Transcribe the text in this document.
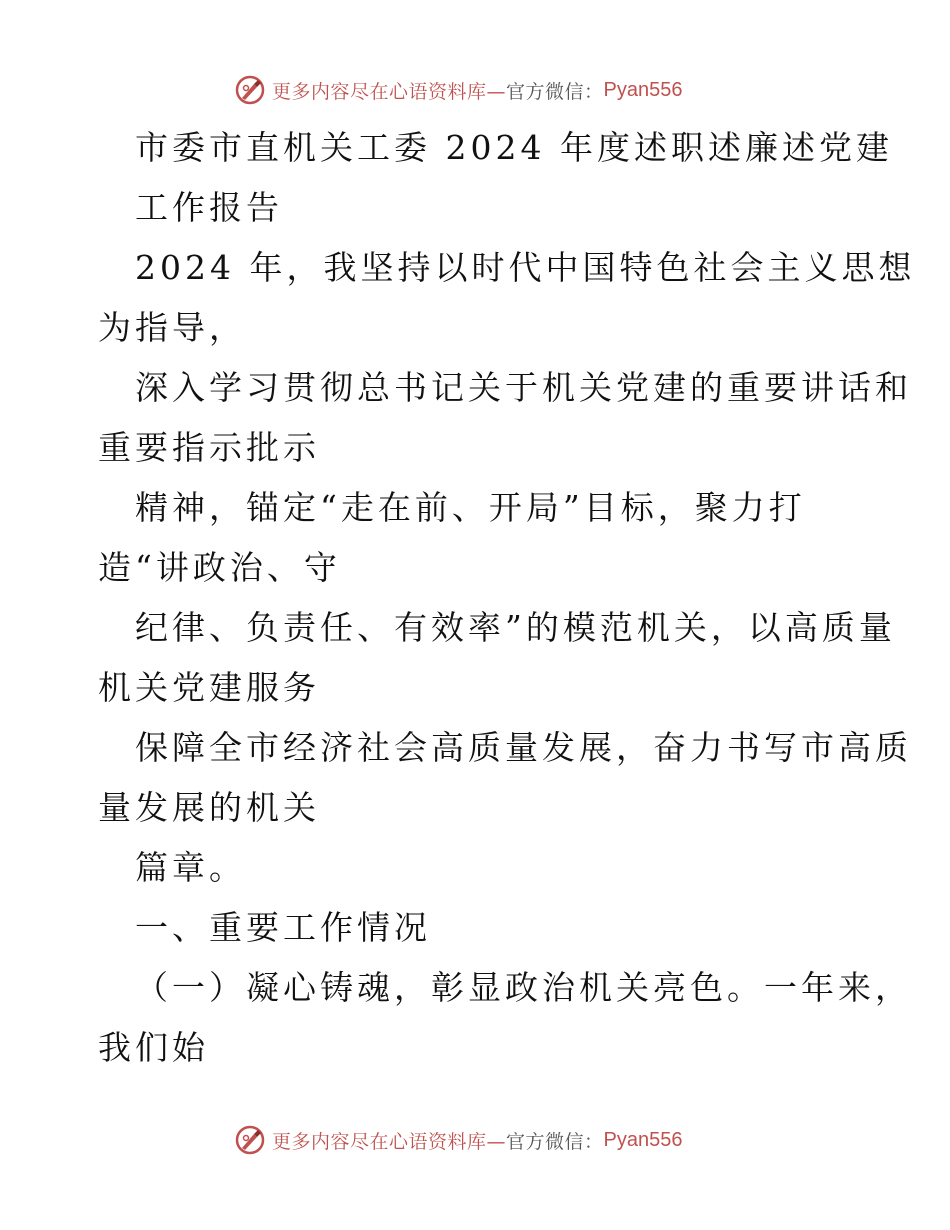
更多内容尽在心语资料库— 官方微信： Pyan556
市委市直机关工委 2024 年度述职述廉述党建
工作报告
2024 年，我坚持以时代中国特色社会主义思想
为指导，
深入学习贯彻总书记关于机关党建的重要讲话和
重要指示批示
精神，锚定“走在前、开局”目标，聚力打
造“讲政治、守
纪律、负责任、有效率”的模范机关，以高质量
机关党建服务
保障全市经济社会高质量发展，奋力书写市高质
量发展的机关
篇章。
一、重要工作情况
（一）凝心铸魂，彰显政治机关亮色。一年来，
我们始
更多内容尽在心语资料库— 官方微信： Pyan556
